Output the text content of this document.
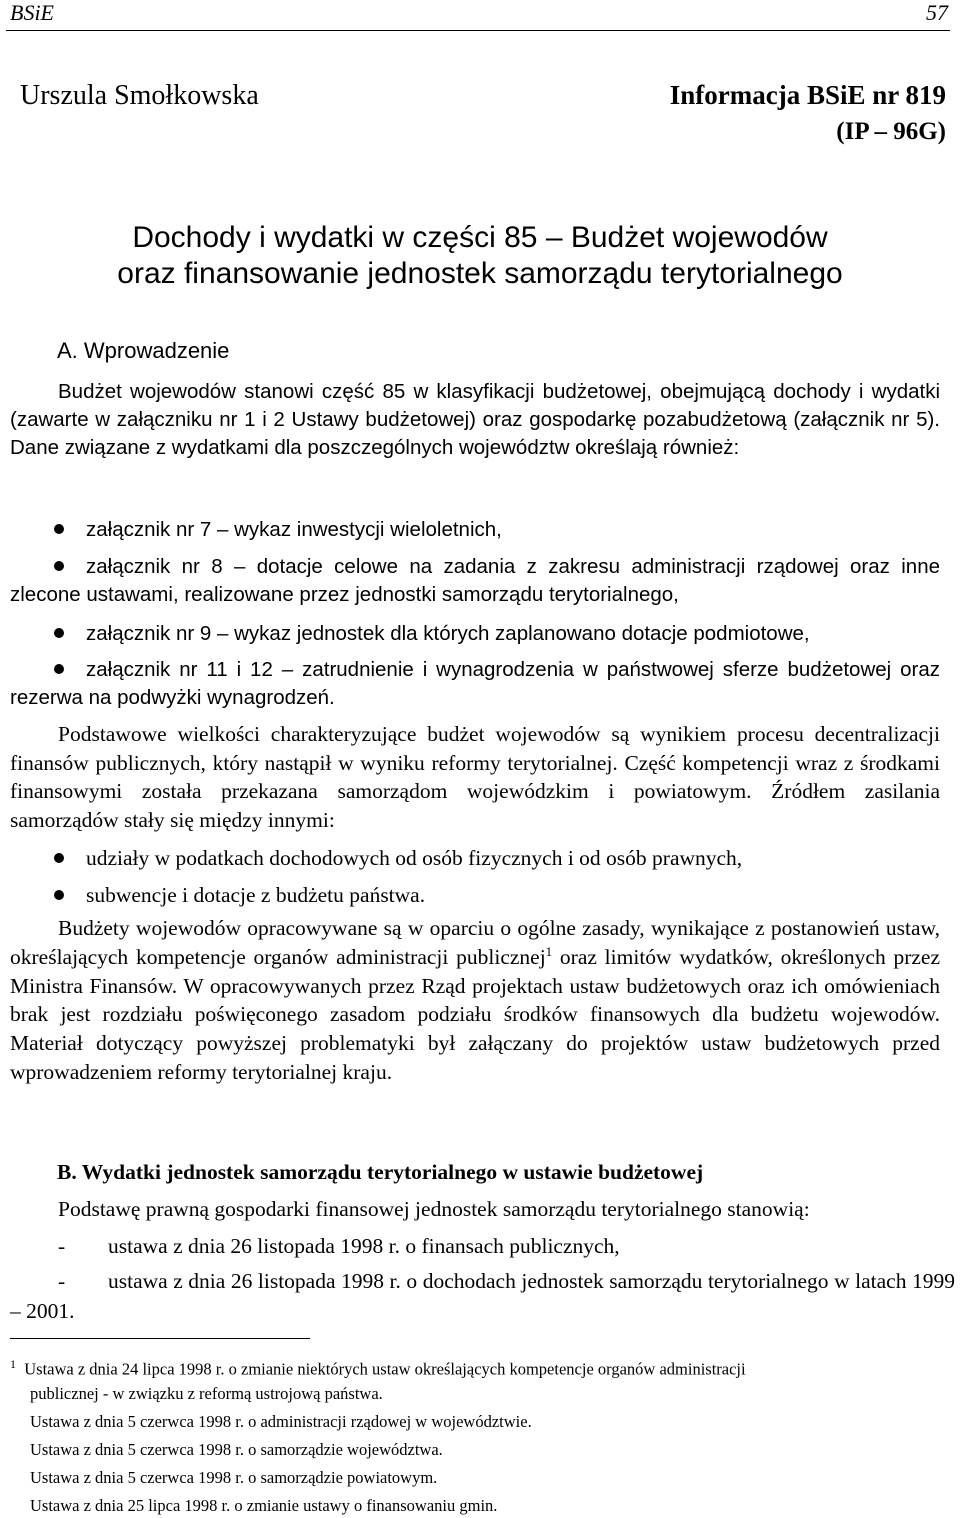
BSiE	57
Urszula Smołkowska	Informacja BSiE nr 819
(IP – 96G)
Dochody i wydatki w części 85 – Budżet wojewodów
oraz finansowanie jednostek samorządu terytorialnego
A. Wprowadzenie
Budżet wojewodów stanowi część 85 w klasyfikacji budżetowej, obejmującą dochody i wydatki (zawarte w załączniku nr 1 i 2 Ustawy budżetowej) oraz gospodarkę pozabudżetową (załącznik nr 5). Dane związane z wydatkami dla poszczególnych województw określają również:
załącznik nr 7 – wykaz inwestycji wieloletnich,
załącznik nr 8 – dotacje celowe na zadania z zakresu administracji rządowej oraz inne zlecone ustawami, realizowane przez jednostki samorządu terytorialnego,
załącznik nr 9 – wykaz jednostek dla których zaplanowano dotacje podmiotowe,
załącznik nr 11 i 12 – zatrudnienie i wynagrodzenia w państwowej sferze budżetowej oraz rezerwa na podwyżki wynagrodzeń.
Podstawowe wielkości charakteryzujące budżet wojewodów są wynikiem procesu decentralizacji finansów publicznych, który nastąpił w wyniku reformy terytorialnej. Część kompetencji wraz z środkami finansowymi została przekazana samorządom wojewódzkim i powiatowym. Źródłem zasilania samorządów stały się między innymi:
udziały w podatkach dochodowych od osób fizycznych i od osób prawnych,
subwencje i dotacje z budżetu państwa.
Budżety wojewodów opracowywane są w oparciu o ogólne zasady, wynikające z postanowień ustaw, określających kompetencje organów administracji publicznej$^1$ oraz limitów wydatków, określonych przez Ministra Finansów. W opracowywanych przez Rząd projektach ustaw budżetowych oraz ich omówieniach brak jest rozdziału poświęconego zasadom podziału środków finansowych dla budżetu wojewodów. Materiał dotyczący powyższej problematyki był załączany do projektów ustaw budżetowych przed wprowadzeniem reformy terytorialnej kraju.
B. Wydatki jednostek samorządu terytorialnego w ustawie budżetowej
Podstawę prawną gospodarki finansowej jednostek samorządu terytorialnego stanowią:
- ustawa z dnia 26 listopada 1998 r. o finansach publicznych,
- ustawa z dnia 26 listopada 1998 r. o dochodach jednostek samorządu terytorialnego w latach 1999 – 2001.
$^1$ Ustawa z dnia 24 lipca 1998 r. o zmianie niektórych ustaw określających kompetencje organów administracji
publicznej - w związku z reformą ustrojową państwa.
Ustawa z dnia 5 czerwca 1998 r. o administracji rządowej w województwie.
Ustawa z dnia 5 czerwca 1998 r. o samorządzie województwa.
Ustawa z dnia 5 czerwca 1998 r. o samorządzie powiatowym.
Ustawa z dnia 25 lipca 1998 r. o zmianie ustawy o finansowaniu gmin.
